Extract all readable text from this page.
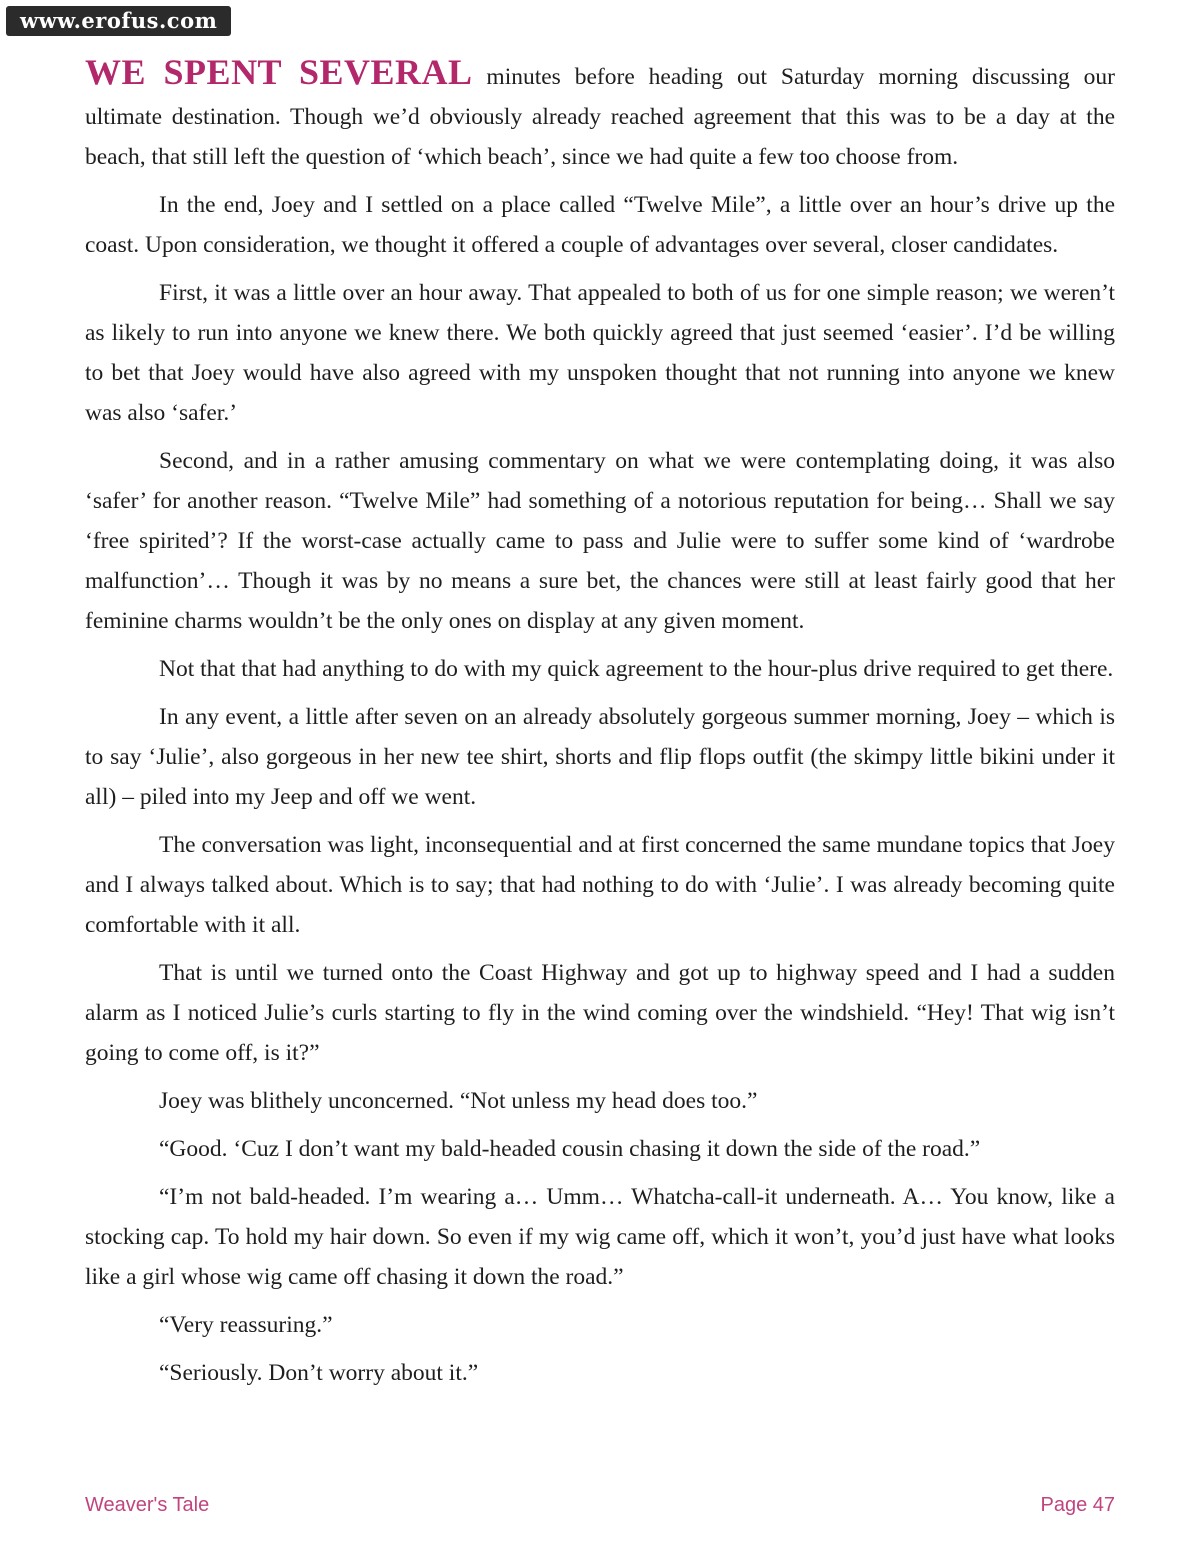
www.erofus.com

WE SPENT SEVERAL minutes before heading out Saturday morning discussing our ultimate destination. Though we’d obviously already reached agreement that this was to be a day at the beach, that still left the question of ‘which beach’, since we had quite a few too choose from.

In the end, Joey and I settled on a place called “Twelve Mile”, a little over an hour’s drive up the coast. Upon consideration, we thought it offered a couple of advantages over several, closer candidates.

First, it was a little over an hour away. That appealed to both of us for one simple reason; we weren’t as likely to run into anyone we knew there. We both quickly agreed that just seemed ‘easier’. I’d be willing to bet that Joey would have also agreed with my unspoken thought that not running into anyone we knew was also ‘safer.’

Second, and in a rather amusing commentary on what we were contemplating doing, it was also ‘safer’ for another reason. “Twelve Mile” had something of a notorious reputation for being… Shall we say ‘free spirited’? If the worst-case actually came to pass and Julie were to suffer some kind of ‘wardrobe malfunction’… Though it was by no means a sure bet, the chances were still at least fairly good that her feminine charms wouldn’t be the only ones on display at any given moment.

Not that that had anything to do with my quick agreement to the hour-plus drive required to get there.

In any event, a little after seven on an already absolutely gorgeous summer morning, Joey – which is to say ‘Julie’, also gorgeous in her new tee shirt, shorts and flip flops outfit (the skimpy little bikini under it all) – piled into my Jeep and off we went.

The conversation was light, inconsequential and at first concerned the same mundane topics that Joey and I always talked about. Which is to say; that had nothing to do with ‘Julie’. I was already becoming quite comfortable with it all.

That is until we turned onto the Coast Highway and got up to highway speed and I had a sudden alarm as I noticed Julie’s curls starting to fly in the wind coming over the windshield. “Hey! That wig isn’t going to come off, is it?”

Joey was blithely unconcerned. “Not unless my head does too.”

“Good. ‘Cuz I don’t want my bald-headed cousin chasing it down the side of the road.”

“I’m not bald-headed. I’m wearing a… Umm… Whatcha-call-it underneath. A… You know, like a stocking cap. To hold my hair down. So even if my wig came off, which it won’t, you’d just have what looks like a girl whose wig came off chasing it down the road.”

“Very reassuring.”

“Seriously. Don’t worry about it.”

Weaver's Tale	Page 47
